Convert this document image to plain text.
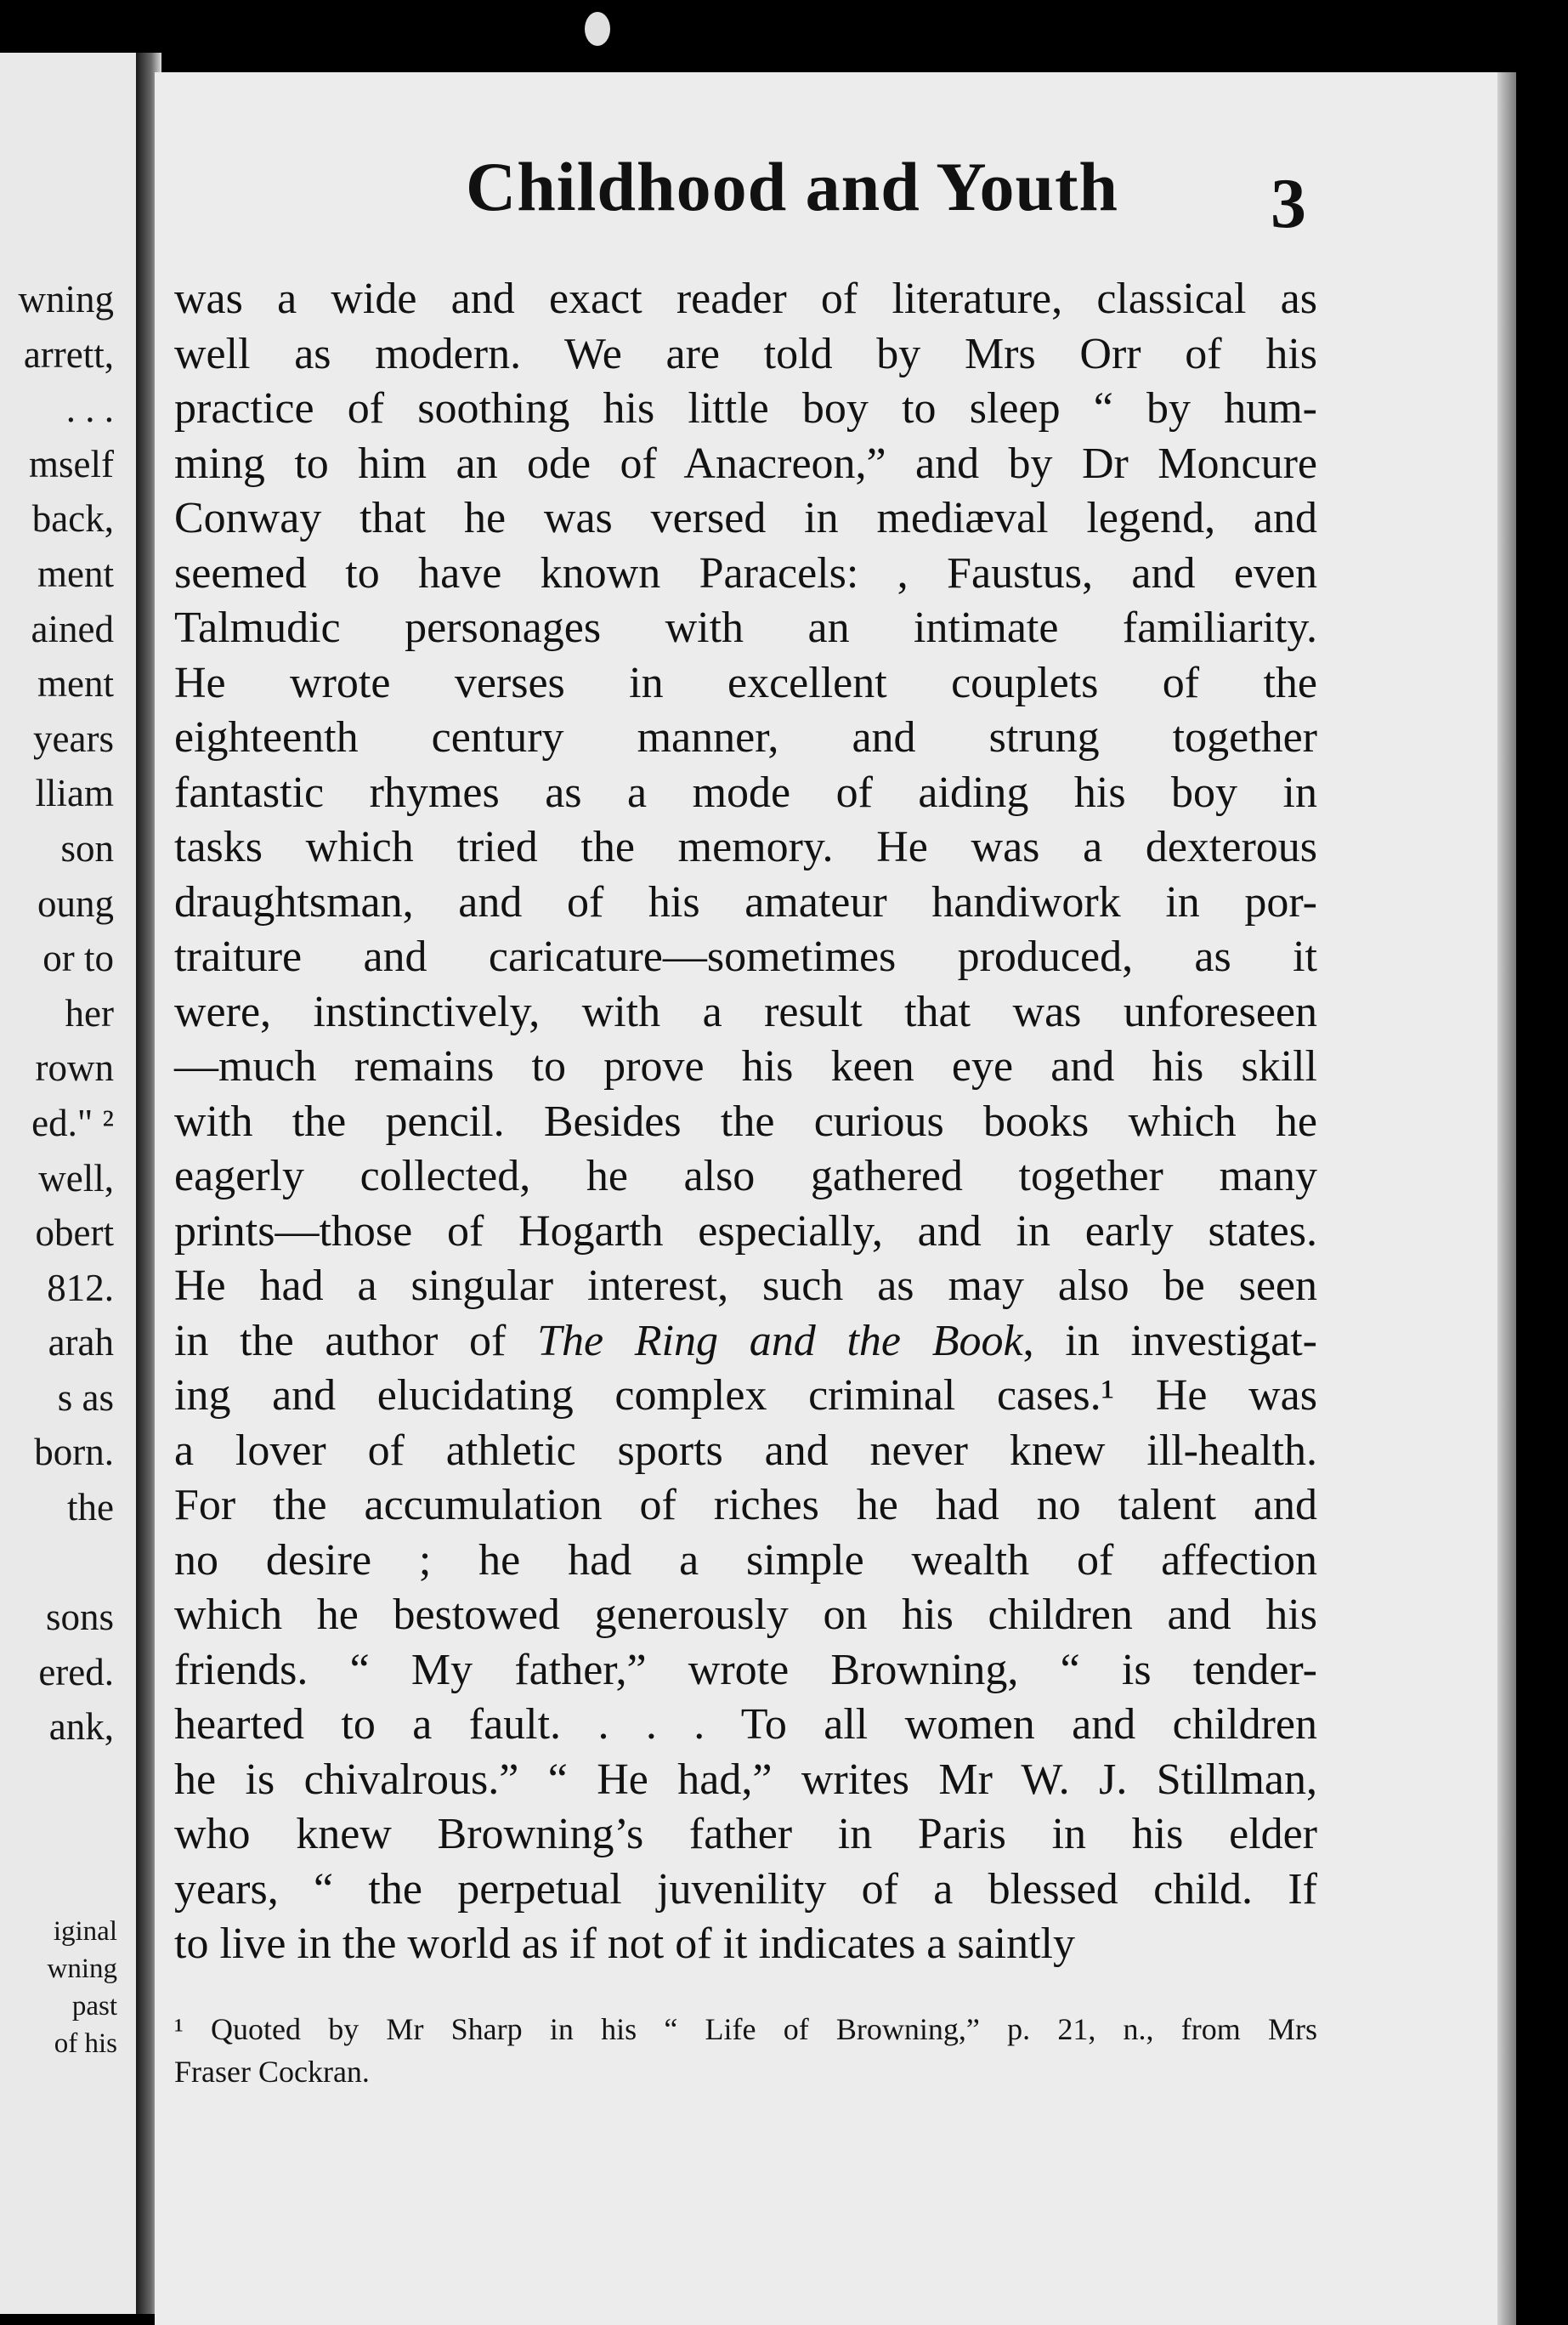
wning
arrett,
. . .
mself
back,
ment
ained
ment
years
lliam
son
oung
or to
her
rown
ed." ²
well,
obert
812.
arah
s as
born.
the
sons
ered.
ank,
iginal
wning
past
of his
Childhood and Youth	3
was a wide and exact reader of literature, classical as
well as modern. We are told by Mrs Orr of his
practice of soothing his little boy to sleep “ by hum-
ming to him an ode of Anacreon,” and by Dr Moncure
Conway that he was versed in mediæval legend, and
seemed to have known Paracels: , Faustus, and even
Talmudic personages with an intimate familiarity.
He wrote verses in excellent couplets of the
eighteenth century manner, and strung together
fantastic rhymes as a mode of aiding his boy in
tasks which tried the memory. He was a dexterous
draughtsman, and of his amateur handiwork in por-
traiture and caricature—sometimes produced, as it
were, instinctively, with a result that was unforeseen
—much remains to prove his keen eye and his skill
with the pencil. Besides the curious books which he
eagerly collected, he also gathered together many
prints—those of Hogarth especially, and in early states.
He had a singular interest, such as may also be seen
in the author of The Ring and the Book, in investigat-
ing and elucidating complex criminal cases.¹ He was
a lover of athletic sports and never knew ill-health.
For the accumulation of riches he had no talent and
no desire ; he had a simple wealth of affection
which he bestowed generously on his children and his
friends. “ My father,” wrote Browning, “ is tender-
hearted to a fault. . . . To all women and children
he is chivalrous.” “ He had,” writes Mr W. J. Stillman,
who knew Browning’s father in Paris in his elder
years, “ the perpetual juvenility of a blessed child. If
to live in the world as if not of it indicates a saintly
¹ Quoted by Mr Sharp in his “ Life of Browning,” p. 21, n., from Mrs
Fraser Cockran.
